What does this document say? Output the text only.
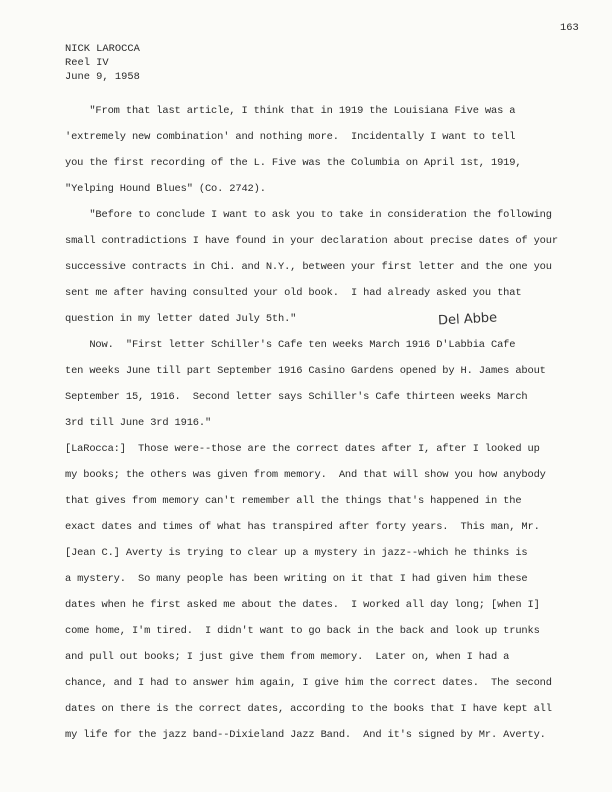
163
NICK LAROCCA
Reel IV
June 9, 1958
Del Abbe
"From that last article, I think that in 1919 the Louisiana Five was a
'extremely new combination' and nothing more.  Incidentally I want to tell
you the first recording of the L. Five was the Columbia on April 1st, 1919,
"Yelping Hound Blues" (Co. 2742).
"Before to conclude I want to ask you to take in consideration the following
small contradictions I have found in your declaration about precise dates of your
successive contracts in Chi. and N.Y., between your first letter and the one you
sent me after having consulted your old book.  I had already asked you that
question in my letter dated July 5th."
Now.  "First letter Schiller's Cafe ten weeks March 1916 D'Labbia Cafe
ten weeks June till part September 1916 Casino Gardens opened by H. James about
September 15, 1916.  Second letter says Schiller's Cafe thirteen weeks March
3rd till June 3rd 1916."
[LaRocca:]  Those were--those are the correct dates after I, after I looked up
my books; the others was given from memory.  And that will show you how anybody
that gives from memory can't remember all the things that's happened in the
exact dates and times of what has transpired after forty years.  This man, Mr.
[Jean C.] Averty is trying to clear up a mystery in jazz--which he thinks is
a mystery.  So many people has been writing on it that I had given him these
dates when he first asked me about the dates.  I worked all day long; [when I]
come home, I'm tired.  I didn't want to go back in the back and look up trunks
and pull out books; I just give them from memory.  Later on, when I had a
chance, and I had to answer him again, I give him the correct dates.  The second
dates on there is the correct dates, according to the books that I have kept all
my life for the jazz band--Dixieland Jazz Band.  And it's signed by Mr. Averty.
